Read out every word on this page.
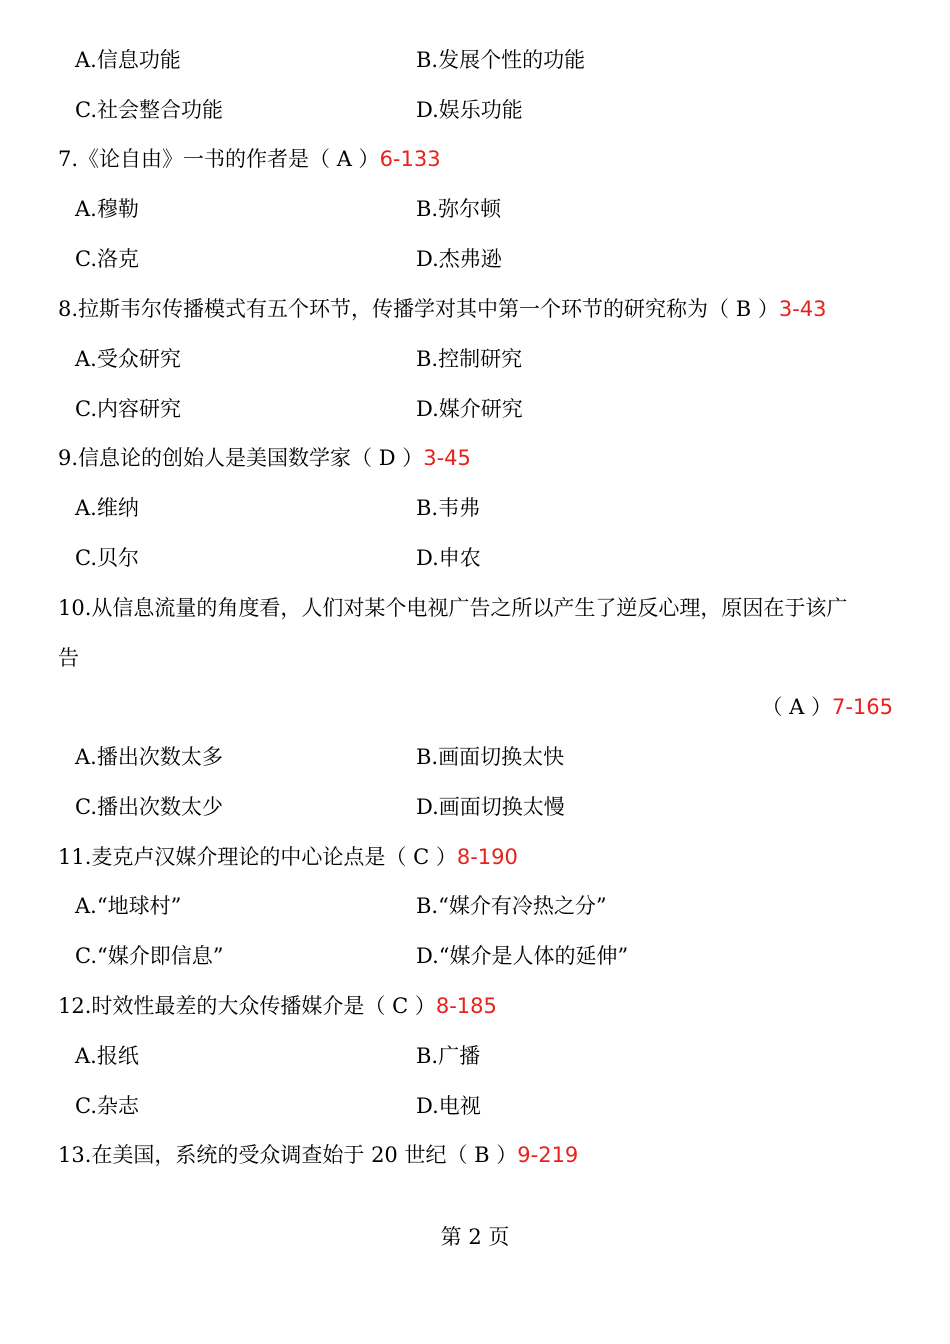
A.信息功能	B.发展个性的功能
C.社会整合功能	D.娱乐功能
7.《论自由》一书的作者是（ A ）6-133
A.穆勒	B.弥尔顿
C.洛克	D.杰弗逊
8.拉斯韦尔传播模式有五个环节，传播学对其中第一个环节的研究称为（ B ）3-43
A.受众研究	B.控制研究
C.内容研究	D.媒介研究
9.信息论的创始人是美国数学家（ D ）3-45
A.维纳	B.韦弗
C.贝尔	D.申农
10.从信息流量的角度看，人们对某个电视广告之所以产生了逆反心理，原因在于该广
告
（ A ）7-165
A.播出次数太多	B.画面切换太快
C.播出次数太少	D.画面切换太慢
11.麦克卢汉媒介理论的中心论点是（ C ）8-190
A.“地球村”	B.“媒介有冷热之分”
C.“媒介即信息”	D.“媒介是人体的延伸”
12.时效性最差的大众传播媒介是（ C ）8-185
A.报纸	B.广播
C.杂志	D.电视
13.在美国，系统的受众调查始于 20 世纪（ B ）9-219
第 2 页
